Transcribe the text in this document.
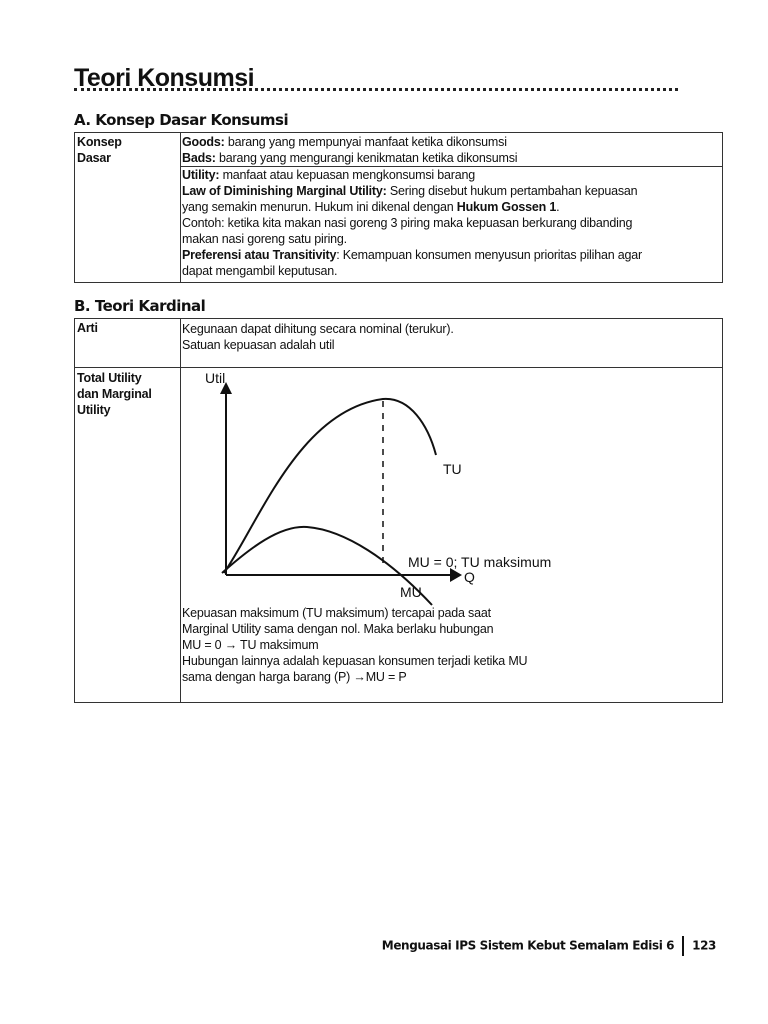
Teori Konsumsi
A. Konsep Dasar Konsumsi
Konsep
Dasar
Goods: barang yang mempunyai manfaat ketika dikonsumsi
Bads: barang yang mengurangi kenikmatan ketika dikonsumsi
Utility: manfaat atau kepuasan mengkonsumsi barang
Law of Diminishing Marginal Utility: Sering disebut hukum pertambahan kepuasan
yang semakin menurun. Hukum ini dikenal dengan Hukum Gossen 1.
Contoh: ketika kita makan nasi goreng 3 piring maka kepuasan berkurang dibanding
makan nasi goreng satu piring.
Preferensi atau Transitivity: Kemampuan konsumen menyusun prioritas pilihan agar
dapat mengambil keputusan.
B. Teori Kardinal
Arti	Kegunaan dapat dihitung secara nominal (terukur).
Satuan kepuasan adalah util
Total Utility
dan Marginal
Utility
Util
Q
TU
MU
MU = 0; TU maksimum
Kepuasan maksimum (TU maksimum) tercapai pada saat
Marginal Utility sama dengan nol. Maka berlaku hubungan
MU = 0 → TU maksimum
Hubungan lainnya adalah kepuasan konsumen terjadi ketika MU
sama dengan harga barang (P) →MU = P
Menguasai IPS Sistem Kebut Semalam Edisi 6 123
